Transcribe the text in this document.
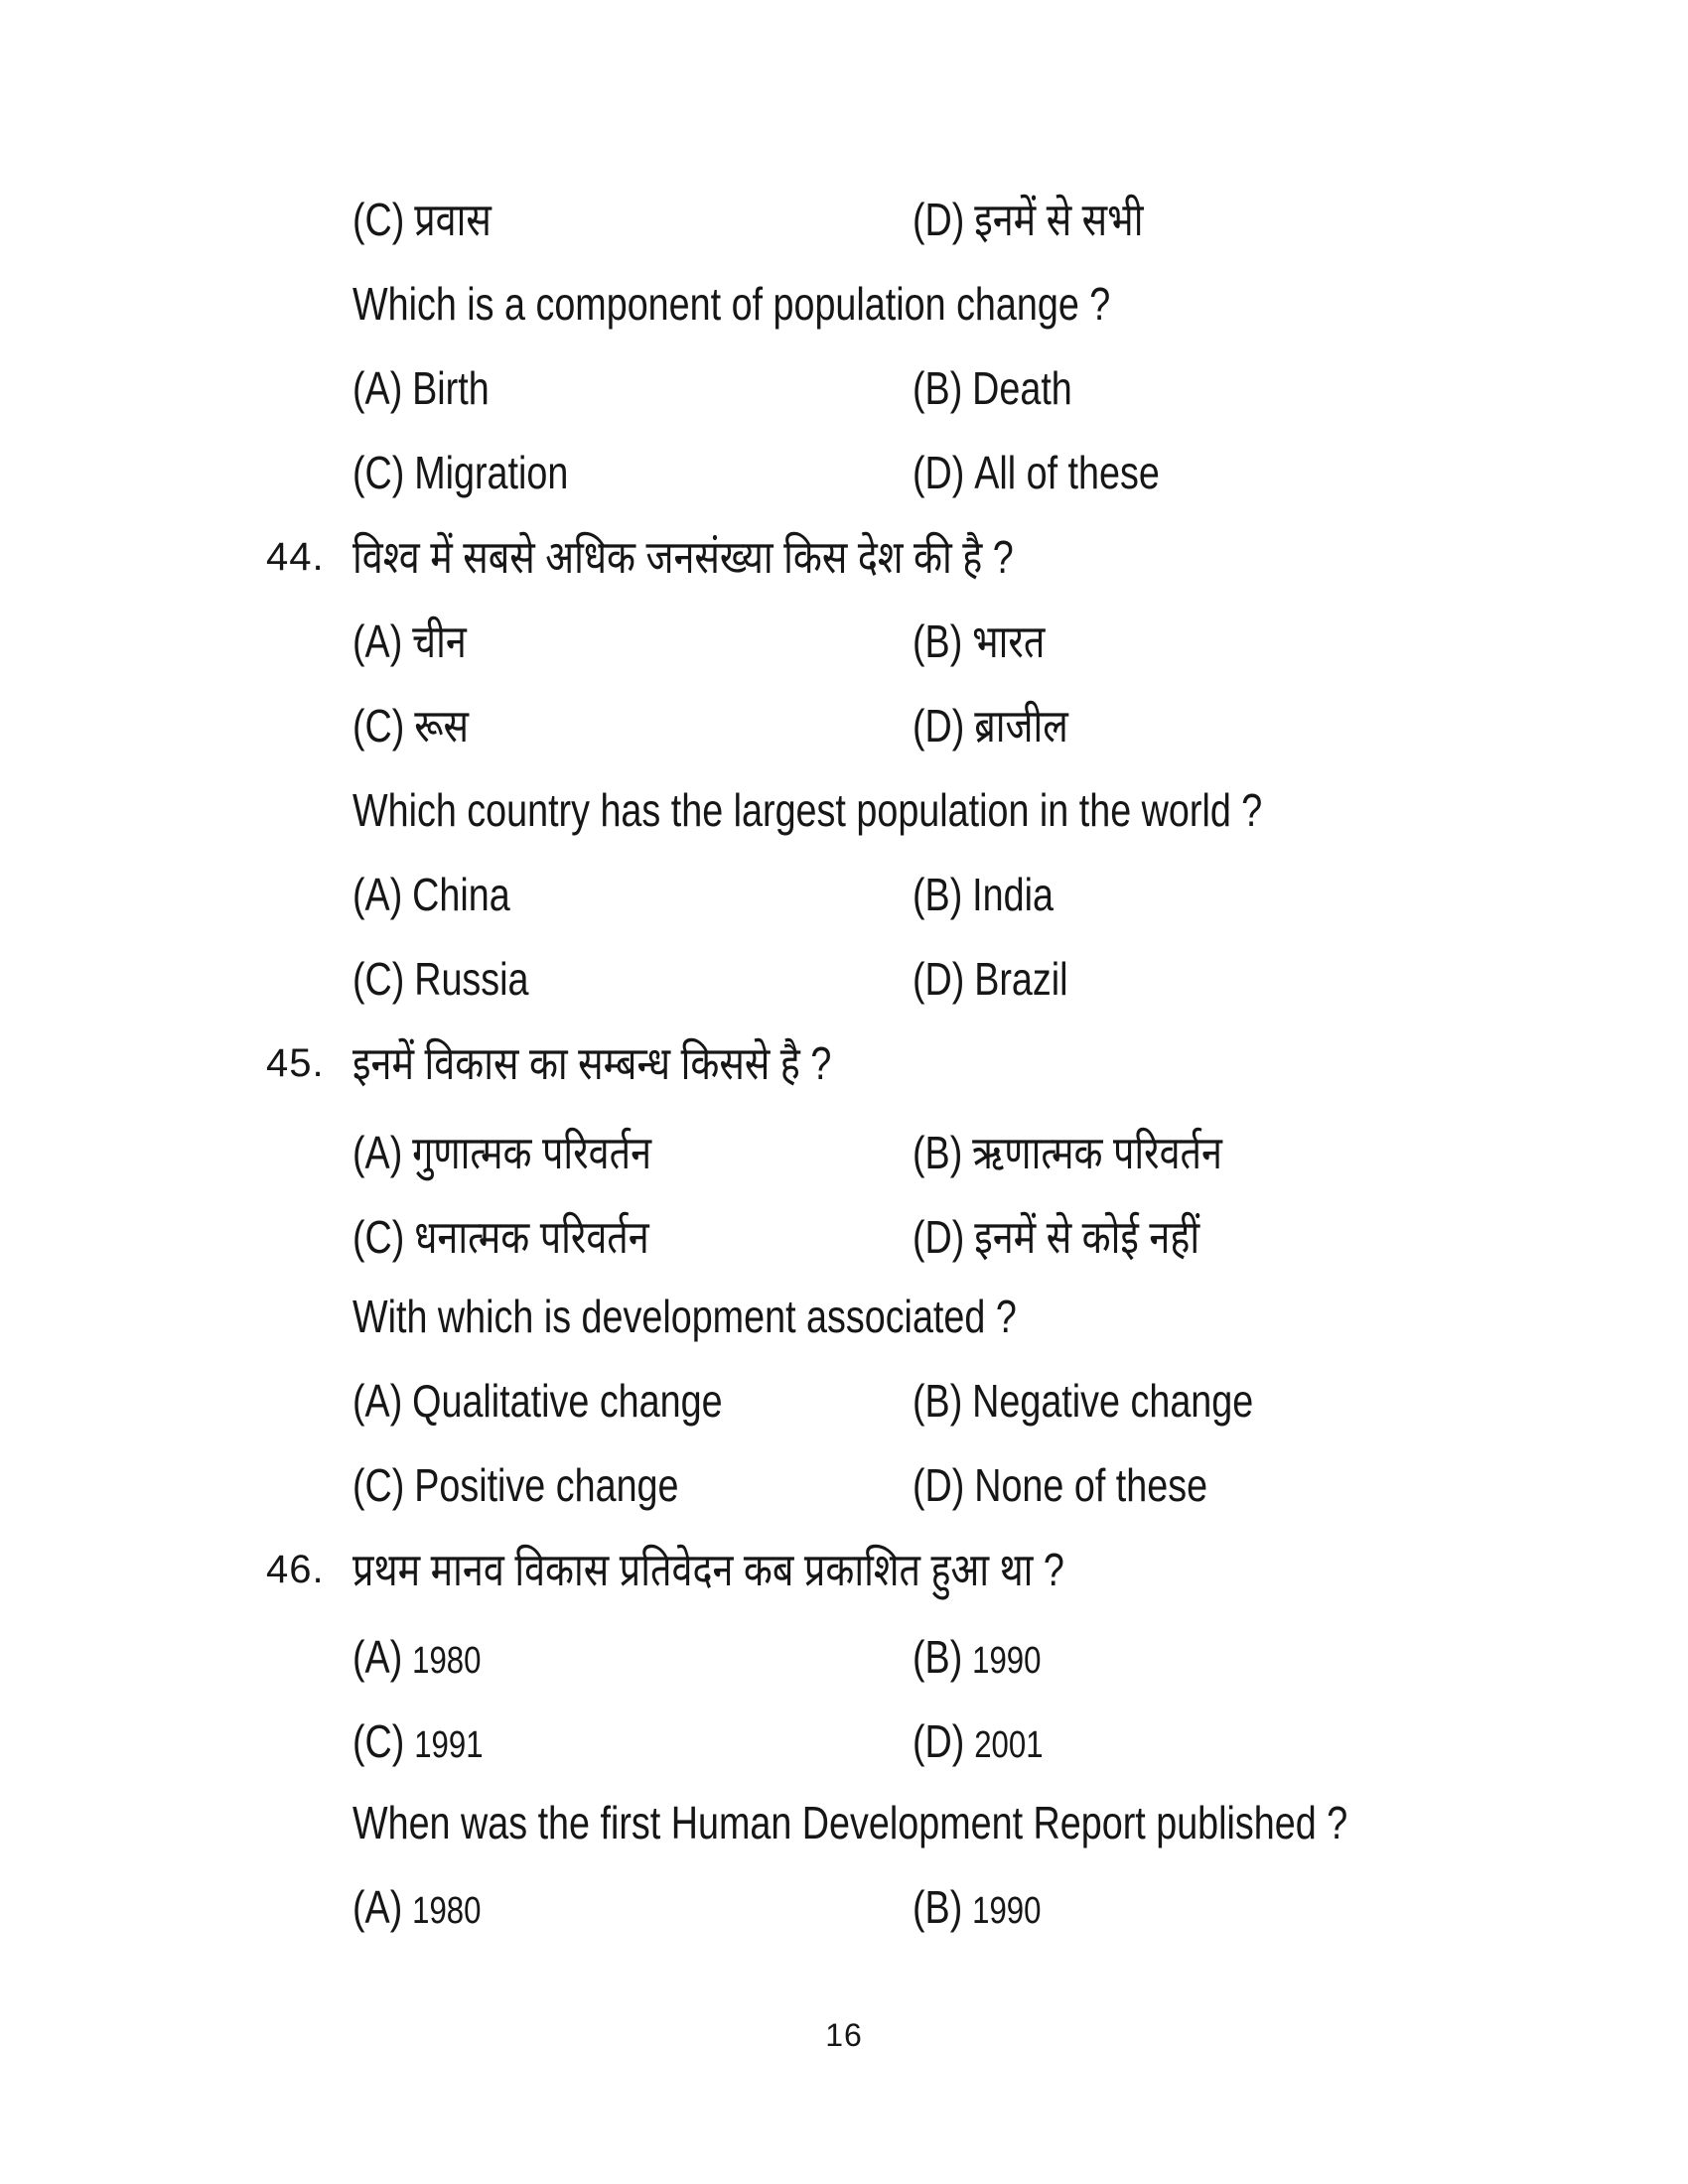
(C) प्रवास	(D) इनमें से सभी
Which is a component of population change ?
(A) Birth	(B) Death
(C) Migration	(D) All of these
44. विश्व में सबसे अधिक जनसंख्या किस देश की है ?
(A) चीन	(B) भारत
(C) रूस	(D) ब्राजील
Which country has the largest population in the world ?
(A) China	(B) India
(C) Russia	(D) Brazil
45. इनमें विकास का सम्बन्ध किससे है ?
(A) गुणात्मक परिवर्तन	(B) ऋणात्मक परिवर्तन
(C) धनात्मक परिवर्तन	(D) इनमें से कोई नहीं
With which is development associated ?
(A) Qualitative change	(B) Negative change
(C) Positive change	(D) None of these
46. प्रथम मानव विकास प्रतिवेदन कब प्रकाशित हुआ था ?
(A) 1980	(B) 1990
(C) 1991	(D) 2001
When was the first Human Development Report published ?
(A) 1980	(B) 1990
16
